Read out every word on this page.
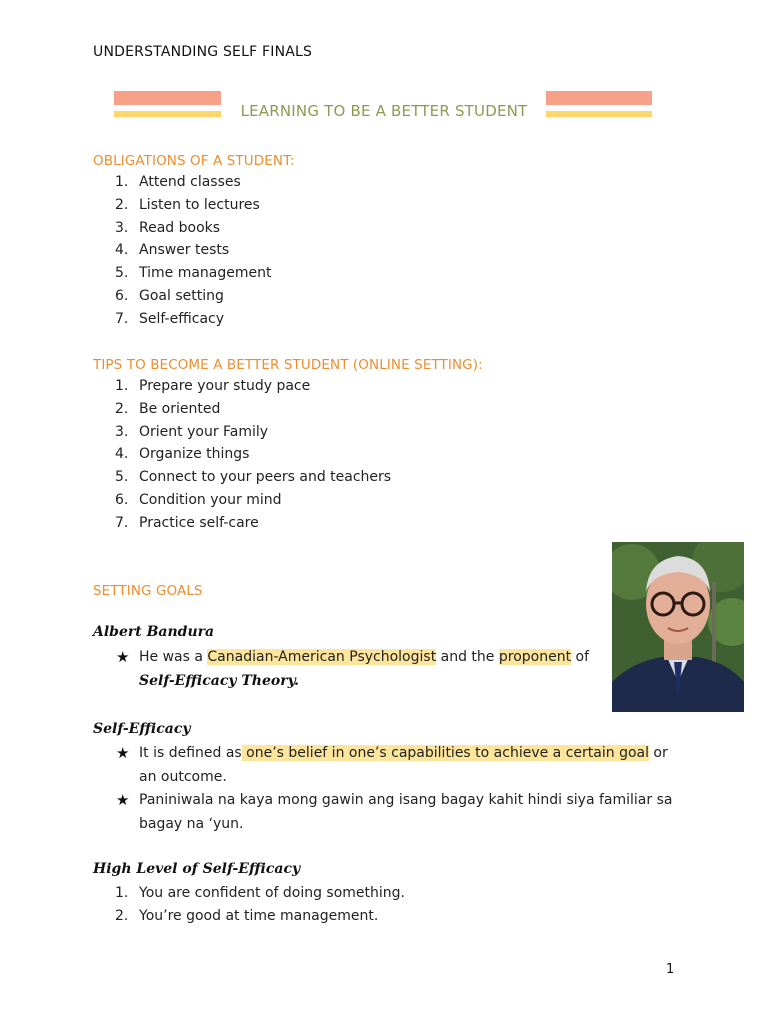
UNDERSTANDING SELF FINALS
LEARNING TO BE A BETTER STUDENT
OBLIGATIONS OF A STUDENT:
1. Attend classes
2. Listen to lectures
3. Read books
4. Answer tests
5. Time management
6. Goal setting
7. Self-efficacy
TIPS TO BECOME A BETTER STUDENT (ONLINE SETTING):
1. Prepare your study pace
2. Be oriented
3. Orient your Family
4. Organize things
5. Connect to your peers and teachers
6. Condition your mind
7. Practice self-care
SETTING GOALS
Albert Bandura
★ He was a Canadian-American Psychologist and the proponent of
Self-Efficacy Theory.
Self-Efficacy
★ It is defined as one’s belief in one’s capabilities to achieve a certain goal or an outcome.
★ Paniniwala na kaya mong gawin ang isang bagay kahit hindi siya familiar sa bagay na ‘yun.
High Level of Self-Efficacy
1. You are confident of doing something.
2. You’re good at time management.
1
